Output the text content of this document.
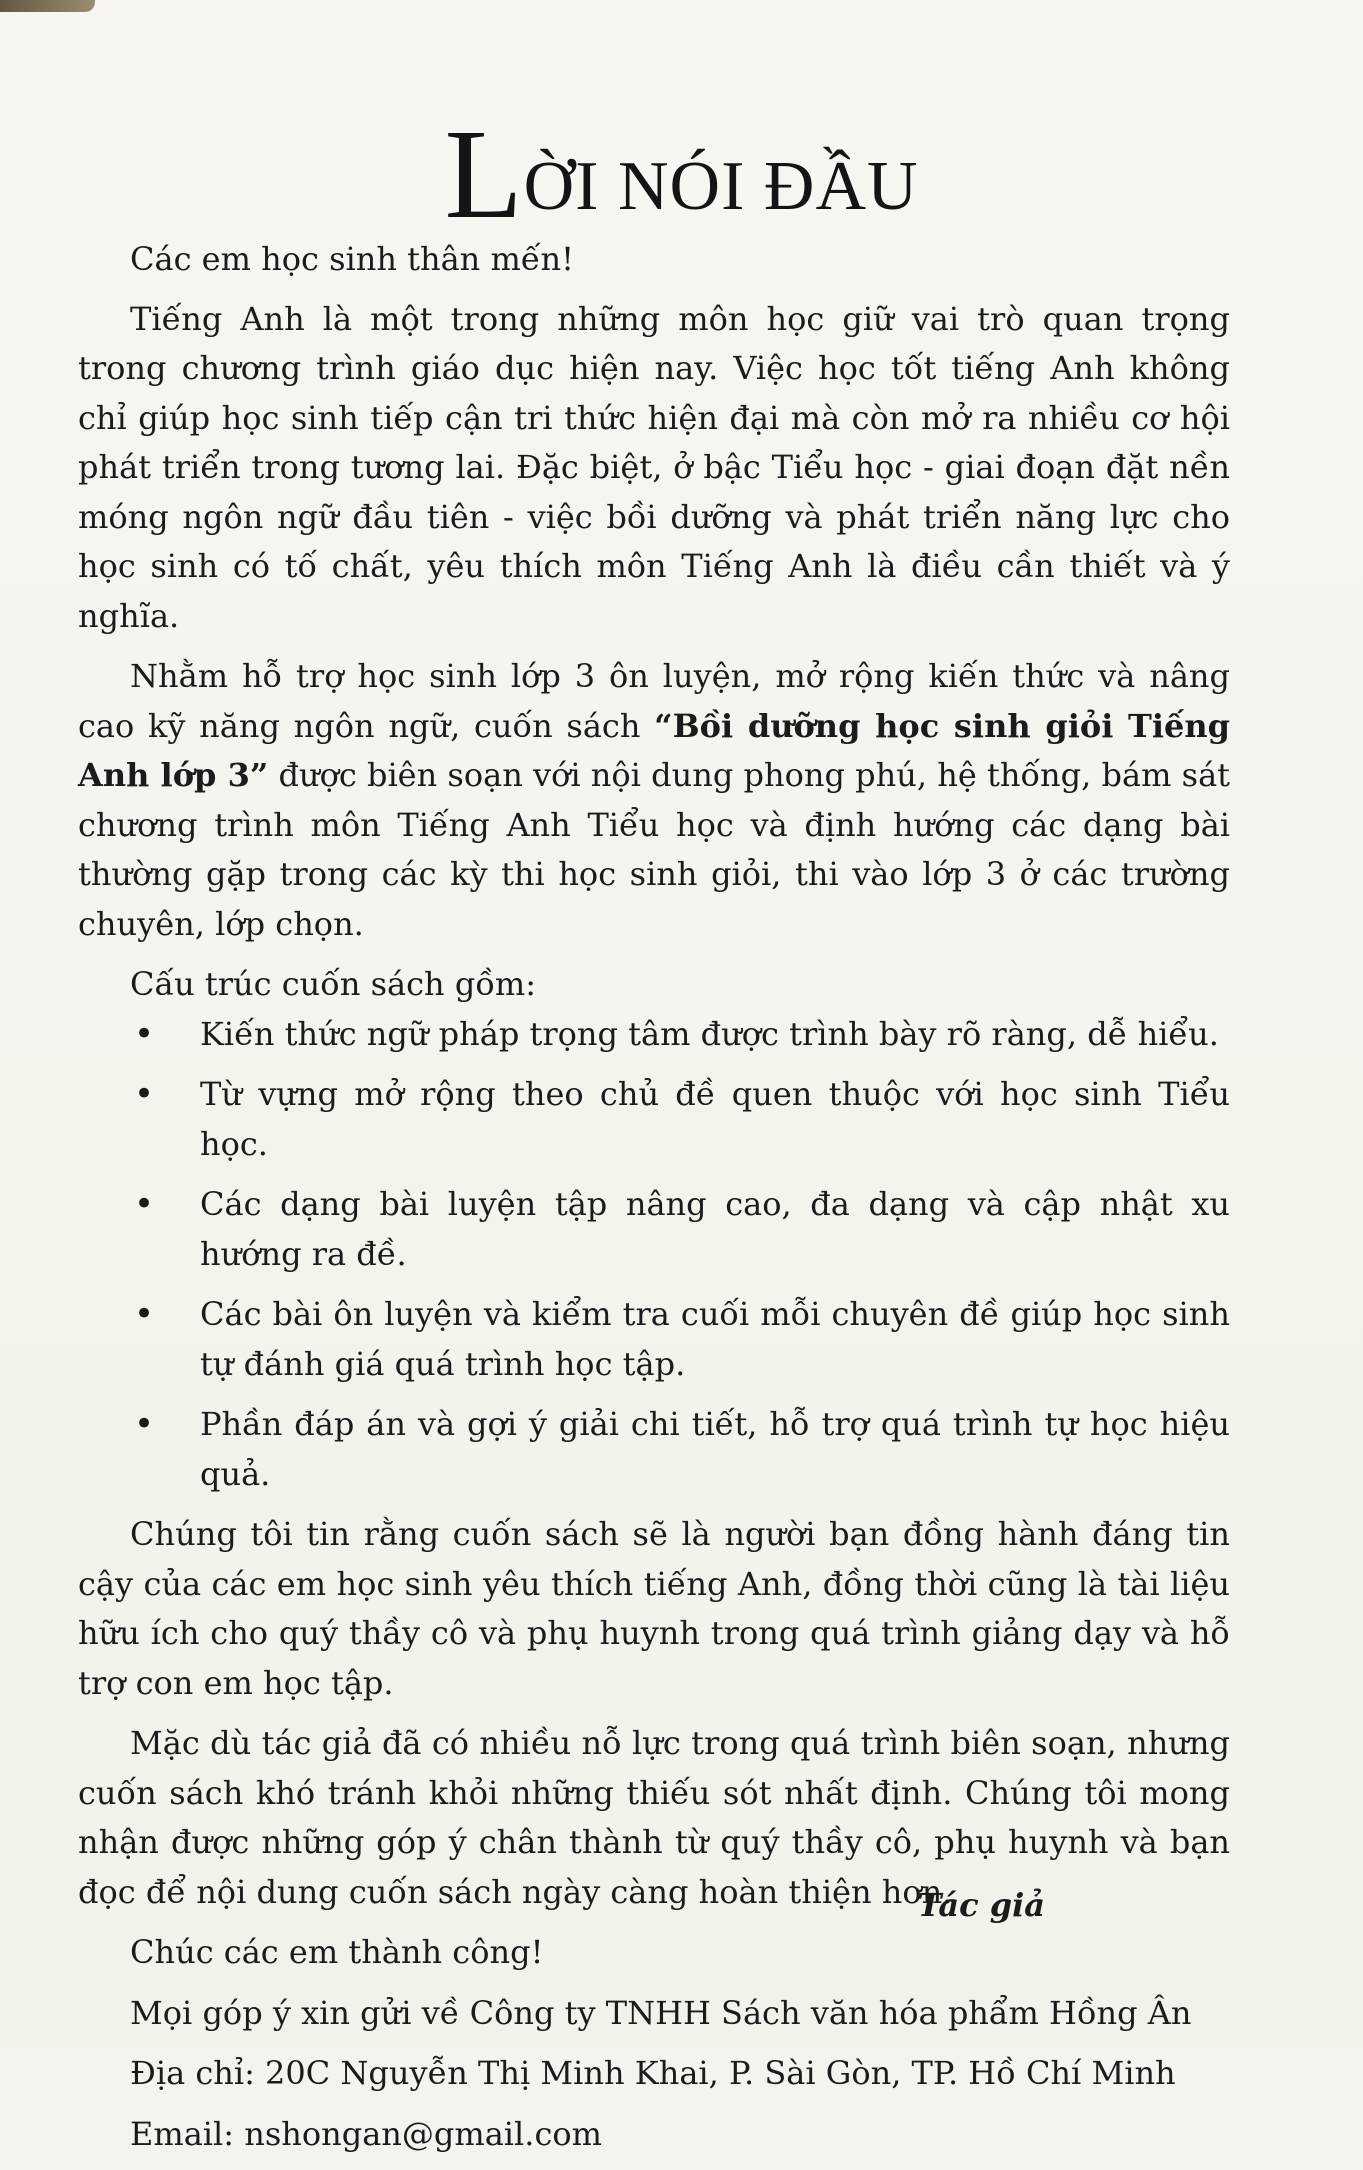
LỜI NÓI ĐẦU

Các em học sinh thân mến!

Tiếng Anh là một trong những môn học giữ vai trò quan trọng trong chương trình giáo dục hiện nay. Việc học tốt tiếng Anh không chỉ giúp học sinh tiếp cận tri thức hiện đại mà còn mở ra nhiều cơ hội phát triển trong tương lai. Đặc biệt, ở bậc Tiểu học - giai đoạn đặt nền móng ngôn ngữ đầu tiên - việc bồi dưỡng và phát triển năng lực cho học sinh có tố chất, yêu thích môn Tiếng Anh là điều cần thiết và ý nghĩa.

Nhằm hỗ trợ học sinh lớp 3 ôn luyện, mở rộng kiến thức và nâng cao kỹ năng ngôn ngữ, cuốn sách “Bồi dưỡng học sinh giỏi Tiếng Anh lớp 3” được biên soạn với nội dung phong phú, hệ thống, bám sát chương trình môn Tiếng Anh Tiểu học và định hướng các dạng bài thường gặp trong các kỳ thi học sinh giỏi, thi vào lớp 3 ở các trường chuyên, lớp chọn.

Cấu trúc cuốn sách gồm:

• Kiến thức ngữ pháp trọng tâm được trình bày rõ ràng, dễ hiểu.
• Từ vựng mở rộng theo chủ đề quen thuộc với học sinh Tiểu học.
• Các dạng bài luyện tập nâng cao, đa dạng và cập nhật xu hướng ra đề.
• Các bài ôn luyện và kiểm tra cuối mỗi chuyên đề giúp học sinh tự đánh giá quá trình học tập.
• Phần đáp án và gợi ý giải chi tiết, hỗ trợ quá trình tự học hiệu quả.

Chúng tôi tin rằng cuốn sách sẽ là người bạn đồng hành đáng tin cậy của các em học sinh yêu thích tiếng Anh, đồng thời cũng là tài liệu hữu ích cho quý thầy cô và phụ huynh trong quá trình giảng dạy và hỗ trợ con em học tập.

Mặc dù tác giả đã có nhiều nỗ lực trong quá trình biên soạn, nhưng cuốn sách khó tránh khỏi những thiếu sót nhất định. Chúng tôi mong nhận được những góp ý chân thành từ quý thầy cô, phụ huynh và bạn đọc để nội dung cuốn sách ngày càng hoàn thiện hơn.

Chúc các em thành công!

Mọi góp ý xin gửi về Công ty TNHH Sách văn hóa phẩm Hồng Ân

Địa chỉ: 20C Nguyễn Thị Minh Khai, P. Sài Gòn, TP. Hồ Chí Minh

Email: nshongan@gmail.com

Tác giả
